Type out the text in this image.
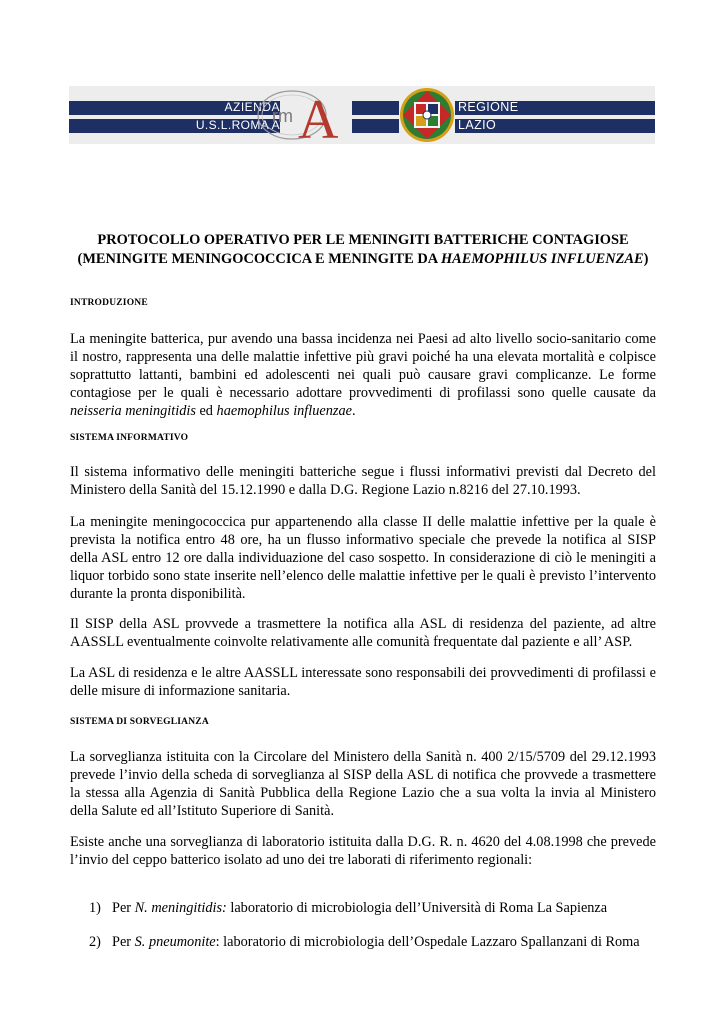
AZIENDA
U.S.L.ROMA A
rm A	REGIONE
LAZIO
PROTOCOLLO OPERATIVO PER LE MENINGITI BATTERICHE CONTAGIOSE
(MENINGITE MENINGOCOCCICA E MENINGITE DA HAEMOPHILUS INFLUENZAE)
INTRODUZIONE
La meningite batterica, pur avendo una bassa incidenza nei Paesi ad alto livello socio-sanitario come il nostro, rappresenta una delle malattie infettive più gravi poiché ha una elevata mortalità e colpisce soprattutto lattanti, bambini ed adolescenti nei quali può causare gravi complicanze. Le forme contagiose per le quali è necessario adottare provvedimenti di profilassi sono quelle causate da neisseria meningitidis ed haemophilus influenzae.
SISTEMA INFORMATIVO
Il sistema informativo delle meningiti batteriche segue i flussi informativi previsti dal Decreto del Ministero della Sanità del 15.12.1990 e dalla D.G. Regione Lazio n.8216 del 27.10.1993.
La meningite meningococcica pur appartenendo alla classe II delle malattie infettive per la quale è prevista la notifica entro 48 ore, ha un flusso informativo speciale che prevede la notifica al SISP della ASL entro 12 ore dalla individuazione del caso sospetto. In considerazione di ciò le meningiti a liquor torbido sono state inserite nell’elenco delle malattie infettive per le quali è previsto l’intervento durante la pronta disponibilità.
Il SISP della ASL provvede a trasmettere la notifica alla ASL di residenza del paziente, ad altre AASSLL eventualmente coinvolte relativamente alle comunità frequentate dal paziente e all’ ASP.
La ASL di residenza e le altre AASSLL interessate sono responsabili dei provvedimenti di profilassi e delle misure di informazione sanitaria.
SISTEMA DI SORVEGLIANZA
La sorveglianza istituita con la Circolare del Ministero della Sanità n. 400 2/15/5709 del 29.12.1993 prevede l’invio della scheda di sorveglianza al SISP della ASL di notifica che provvede a trasmettere la stessa alla Agenzia di Sanità Pubblica della Regione Lazio che a sua volta la invia al Ministero della Salute ed all’Istituto Superiore di Sanità.
Esiste anche una sorveglianza di laboratorio istituita dalla D.G. R. n. 4620 del 4.08.1998 che prevede l’invio del ceppo batterico isolato ad uno dei tre laborati di riferimento regionali:
1) Per N. meningitidis: laboratorio di microbiologia dell’Università di Roma La Sapienza
2) Per S. pneumonite: laboratorio di microbiologia dell’Ospedale Lazzaro Spallanzani di Roma
